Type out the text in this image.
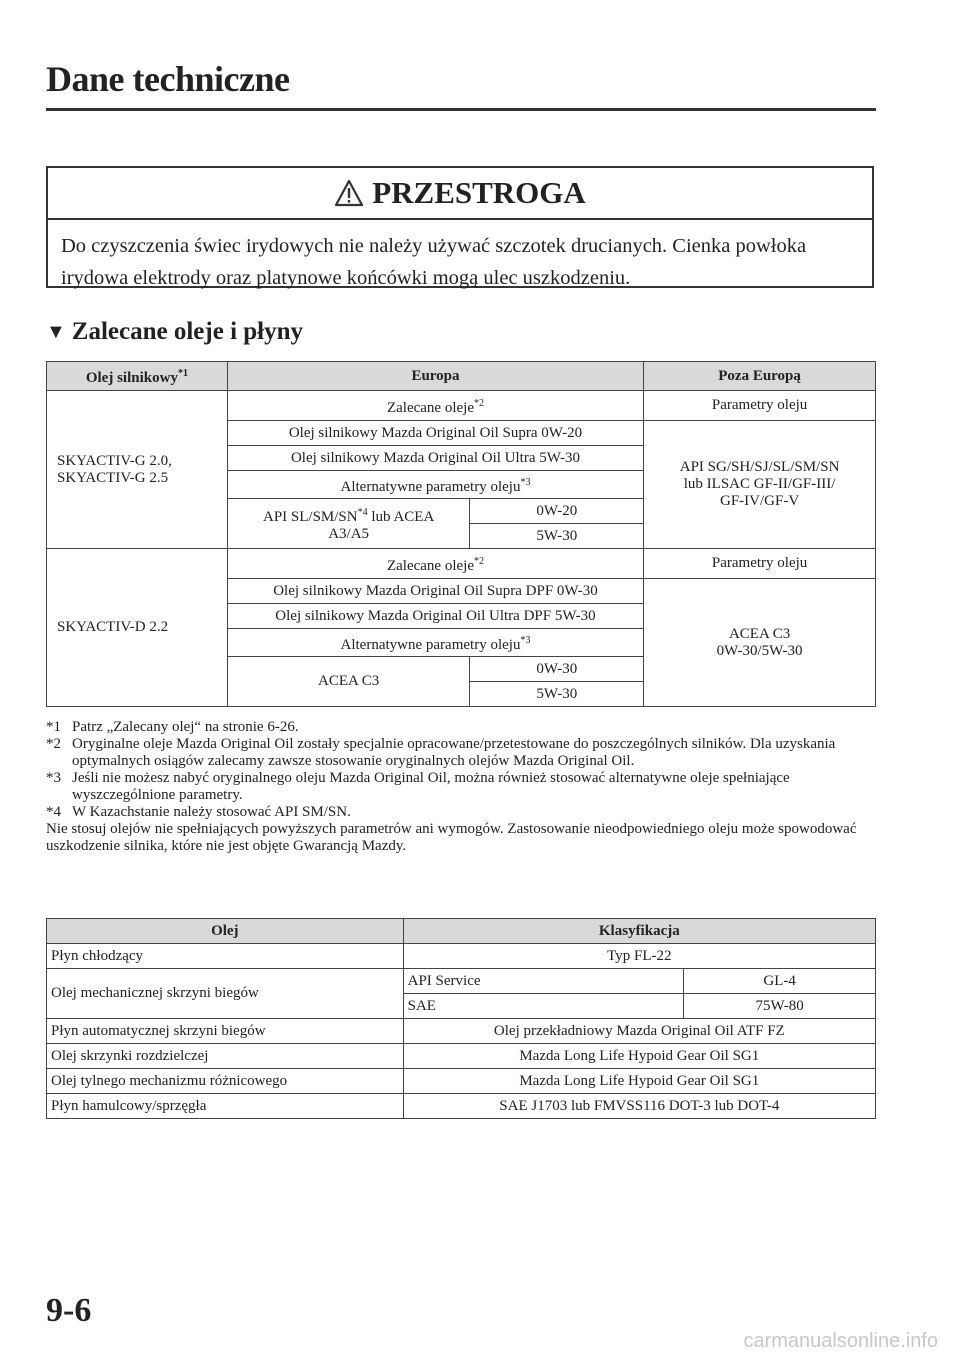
Dane techniczne
PRZESTROGA
Do czyszczenia świec irydowych nie należy używać szczotek drucianych. Cienka powłoka irydowa elektrody oraz platynowe końcówki mogą ulec uszkodzeniu.
▼ Zalecane oleje i płyny
Olej silnikowy$^{*1}$	Europa		Poza Europą
SKYACTIV-G 2.0,
SKYACTIV-G 2.5	Zalecane oleje$^{*2}$		Parametry oleju
	Olej silnikowy Mazda Original Oil Supra 0W-20		API SG/SH/SJ/SL/SM/SN
lub ILSAC GF-II/GF-III/
GF-IV/GF-V
	Olej silnikowy Mazda Original Oil Ultra 5W-30		
	Alternatywne parametry oleju$^{*3}$
	API SL/SM/SN$^{*4}$ lub ACEA
A3/A5	0W-20	
		5W-30	
SKYACTIV-D 2.2	Zalecane oleje$^{*2}$		Parametry oleju
	Olej silnikowy Mazda Original Oil Supra DPF 0W-30		ACEA C3
0W-30/5W-30
	Olej silnikowy Mazda Original Oil Ultra DPF 5W-30		
	Alternatywne parametry oleju$^{*3}$
	ACEA C3	0W-30	
		5W-30	
*1 Patrz „Zalecany olej“ na stronie 6-26.
*2 Oryginalne oleje Mazda Original Oil zostały specjalnie opracowane/przetestowane do poszczególnych silników. Dla uzyskania optymalnych osiągów zalecamy zawsze stosowanie oryginalnych olejów Mazda Original Oil.
*3 Jeśli nie możesz nabyć oryginalnego oleju Mazda Original Oil, można również stosować alternatywne oleje spełniające wyszczególnione parametry.
*4 W Kazachstanie należy stosować API SM/SN.

Nie stosuj olejów nie spełniających powyższych parametrów ani wymogów. Zastosowanie nieodpowiedniego oleju może spowodować uszkodzenie silnika, które nie jest objęte Gwarancją Mazdy.

Olej	Klasyfikacja	
Płyn chłodzący	Typ FL-22	
Olej mechanicznej skrzyni biegów	API Service	GL-4
	SAE	75W-80
Płyn automatycznej skrzyni biegów	Olej przekładniowy Mazda Original Oil ATF FZ	
Olej skrzynki rozdzielczej	Mazda Long Life Hypoid Gear Oil SG1	
Olej tylnego mechanizmu różnicowego	Mazda Long Life Hypoid Gear Oil SG1	
Płyn hamulcowy/sprzęgła	SAE J1703 lub FMVSS116 DOT-3 lub DOT-4	
9-6
carmanualsonline.info
